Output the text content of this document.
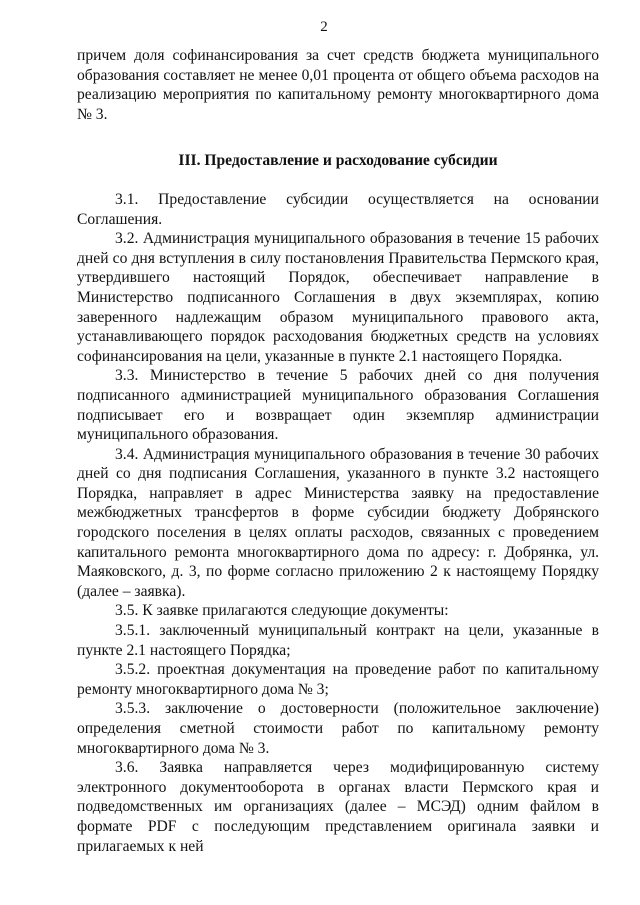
2

причем доля софинансирования за счет средств бюджета муниципального образования составляет не менее 0,01 процента от общего объема расходов на реализацию мероприятия по капитальному ремонту многоквартирного дома № 3.

III. Предоставление и расходование субсидии

3.1. Предоставление субсидии осуществляется на основании Соглашения.

3.2. Администрация муниципального образования в течение 15 рабочих дней со дня вступления в силу постановления Правительства Пермского края, утвердившего настоящий Порядок, обеспечивает направление в Министерство подписанного Соглашения в двух экземплярах, копию заверенного надлежащим образом муниципального правового акта, устанавливающего порядок расходования бюджетных средств на условиях софинансирования на цели, указанные в пункте 2.1 настоящего Порядка.

3.3. Министерство в течение 5 рабочих дней со дня получения подписанного администрацией муниципального образования Соглашения подписывает его и возвращает один экземпляр администрации муниципального образования.

3.4. Администрация муниципального образования в течение 30 рабочих дней со дня подписания Соглашения, указанного в пункте 3.2 настоящего Порядка, направляет в адрес Министерства заявку на предоставление межбюджетных трансфертов в форме субсидии бюджету Добрянского городского поселения в целях оплаты расходов, связанных с проведением капитального ремонта многоквартирного дома по адресу: г. Добрянка, ул. Маяковского, д. 3, по форме согласно приложению 2 к настоящему Порядку (далее – заявка).

3.5. К заявке прилагаются следующие документы:

3.5.1. заключенный муниципальный контракт на цели, указанные в пункте 2.1 настоящего Порядка;

3.5.2. проектная документация на проведение работ по капитальному ремонту многоквартирного дома № 3;

3.5.3. заключение о достоверности (положительное заключение) определения сметной стоимости работ по капитальному ремонту многоквартирного дома № 3.

3.6. Заявка направляется через модифицированную систему электронного документооборота в органах власти Пермского края и подведомственных им организациях (далее – МСЭД) одним файлом в формате PDF с последующим представлением оригинала заявки и прилагаемых к ней
